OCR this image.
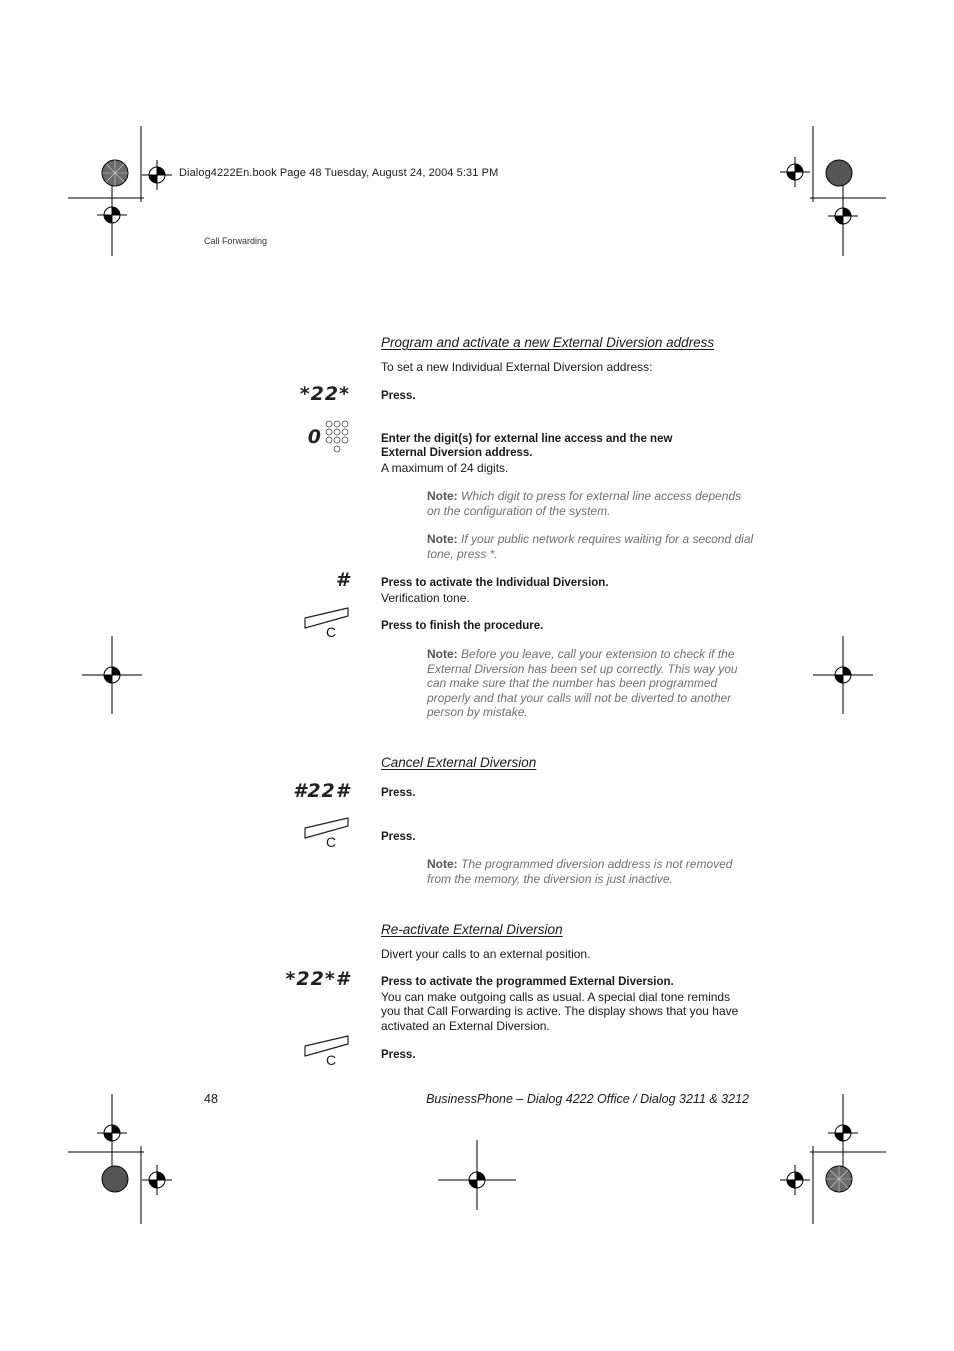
Dialog4222En.book Page 48 Tuesday, August 24, 2004 5:31 PM
Call Forwarding
Program and activate a new External Diversion address
To set a new Individual External Diversion address:
*22*	Press.
0	Enter the digit(s) for external line access and the new
External Diversion address.
A maximum of 24 digits.
Note: Which digit to press for external line access depends on the configuration of the system.
Note: If your public network requires waiting for a second dial tone, press *.
#	Press to activate the Individual Diversion.
Verification tone.
C	Press to finish the procedure.
Note: Before you leave, call your extension to check if the External Diversion has been set up correctly. This way you can make sure that the number has been programmed properly and that your calls will not be diverted to another person by mistake.
Cancel External Diversion
#22#	Press.
C	Press.
Note: The programmed diversion address is not removed from the memory, the diversion is just inactive.
Re-activate External Diversion
Divert your calls to an external position.
*22*#	Press to activate the programmed External Diversion.
You can make outgoing calls as usual. A special dial tone reminds
you that Call Forwarding is active. The display shows that you have
activated an External Diversion.
C	Press.
48	BusinessPhone – Dialog 4222 Office / Dialog 3211 & 3212
